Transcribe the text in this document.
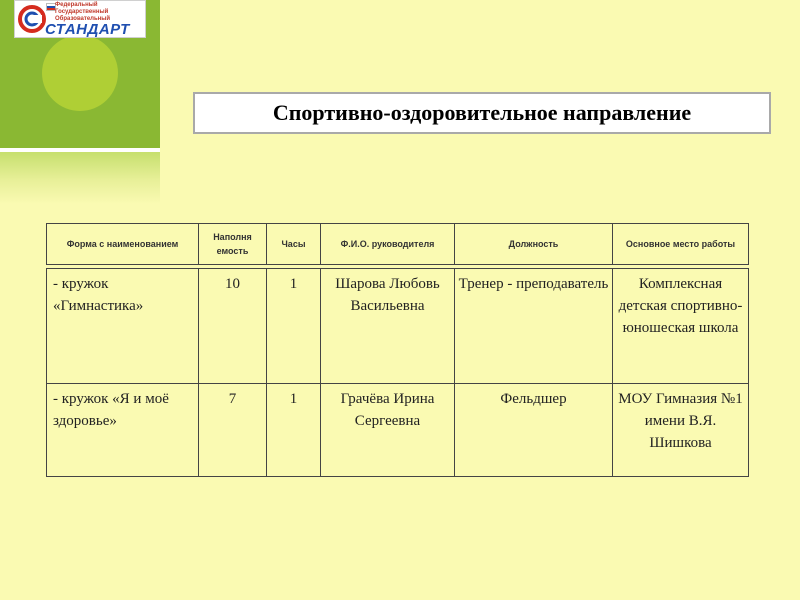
Федеральный
Государственный
Образовательный
СТАНДАРТ
Спортивно-оздоровительное направление
Форма с наименованием	Наполня емость	Часы	Ф.И.О. руководителя	Должность	Основное место работы
- кружок «Гимнастика»	10	1	Шарова Любовь Васильевна	Тренер - преподаватель	Комплексная детская спортивно-юношеская школа
- кружок «Я и моё здоровье»	7	1	Грачёва Ирина Сергеевна	Фельдшер	МОУ Гимназия №1 имени В.Я. Шишкова
